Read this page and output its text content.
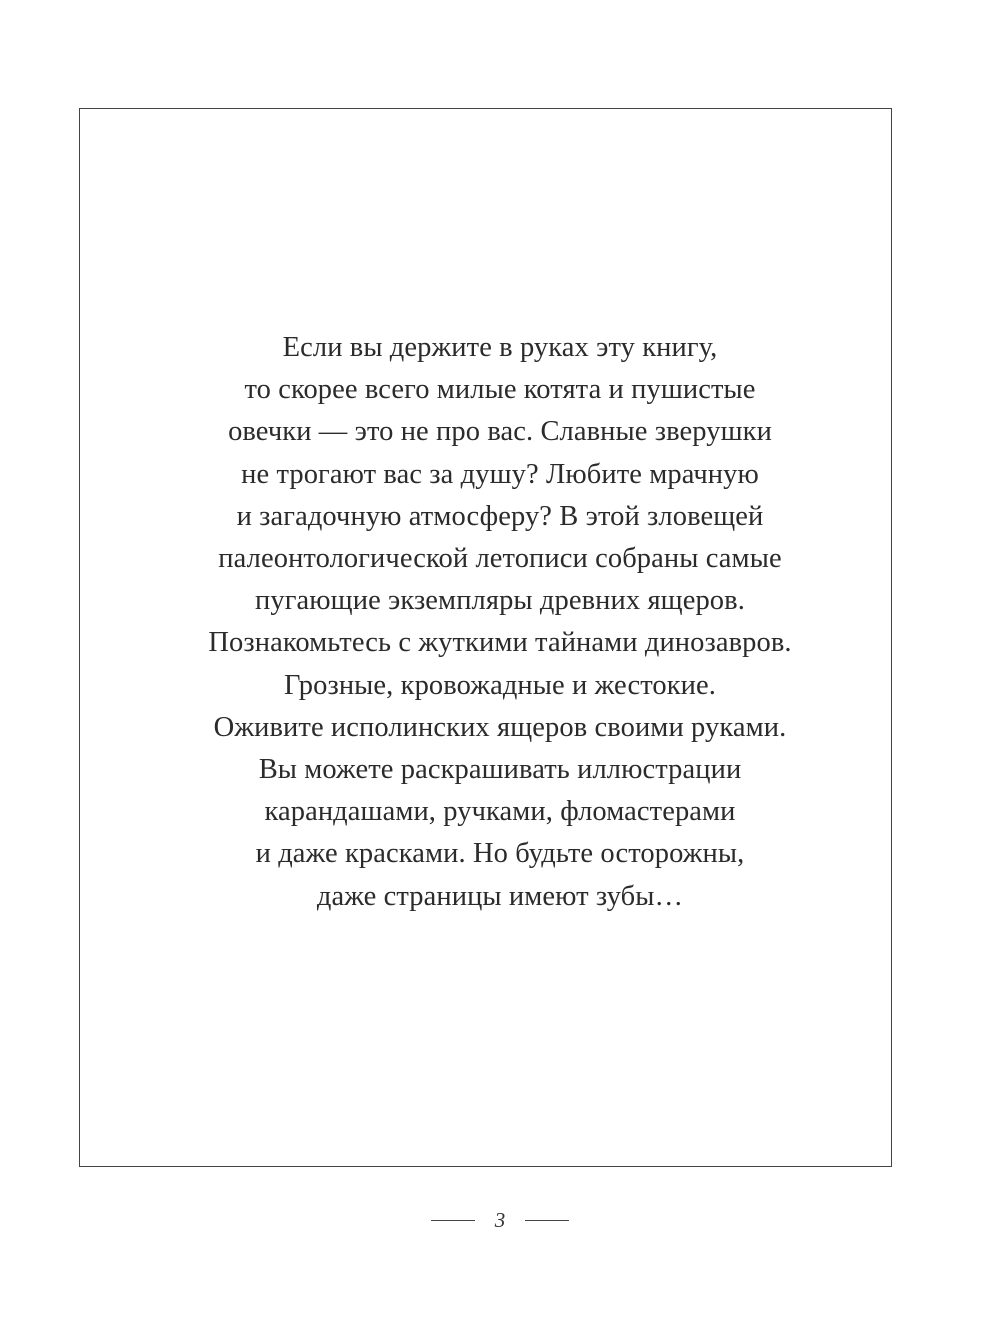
Если вы держите в руках эту книгу,
то скорее всего милые котята и пушистые
овечки — это не про вас. Славные зверушки
не трогают вас за душу? Любите мрачную
и загадочную атмосферу? В этой зловещей
палеонтологической летописи собраны самые
пугающие экземпляры древних ящеров.
Познакомьтесь с жуткими тайнами динозавров.
Грозные, кровожадные и жестокие.
Оживите исполинских ящеров своими руками.
Вы можете раскрашивать иллюстрации
карандашами, ручками, фломастерами
и даже красками. Но будьте осторожны,
даже страницы имеют зубы…
3
